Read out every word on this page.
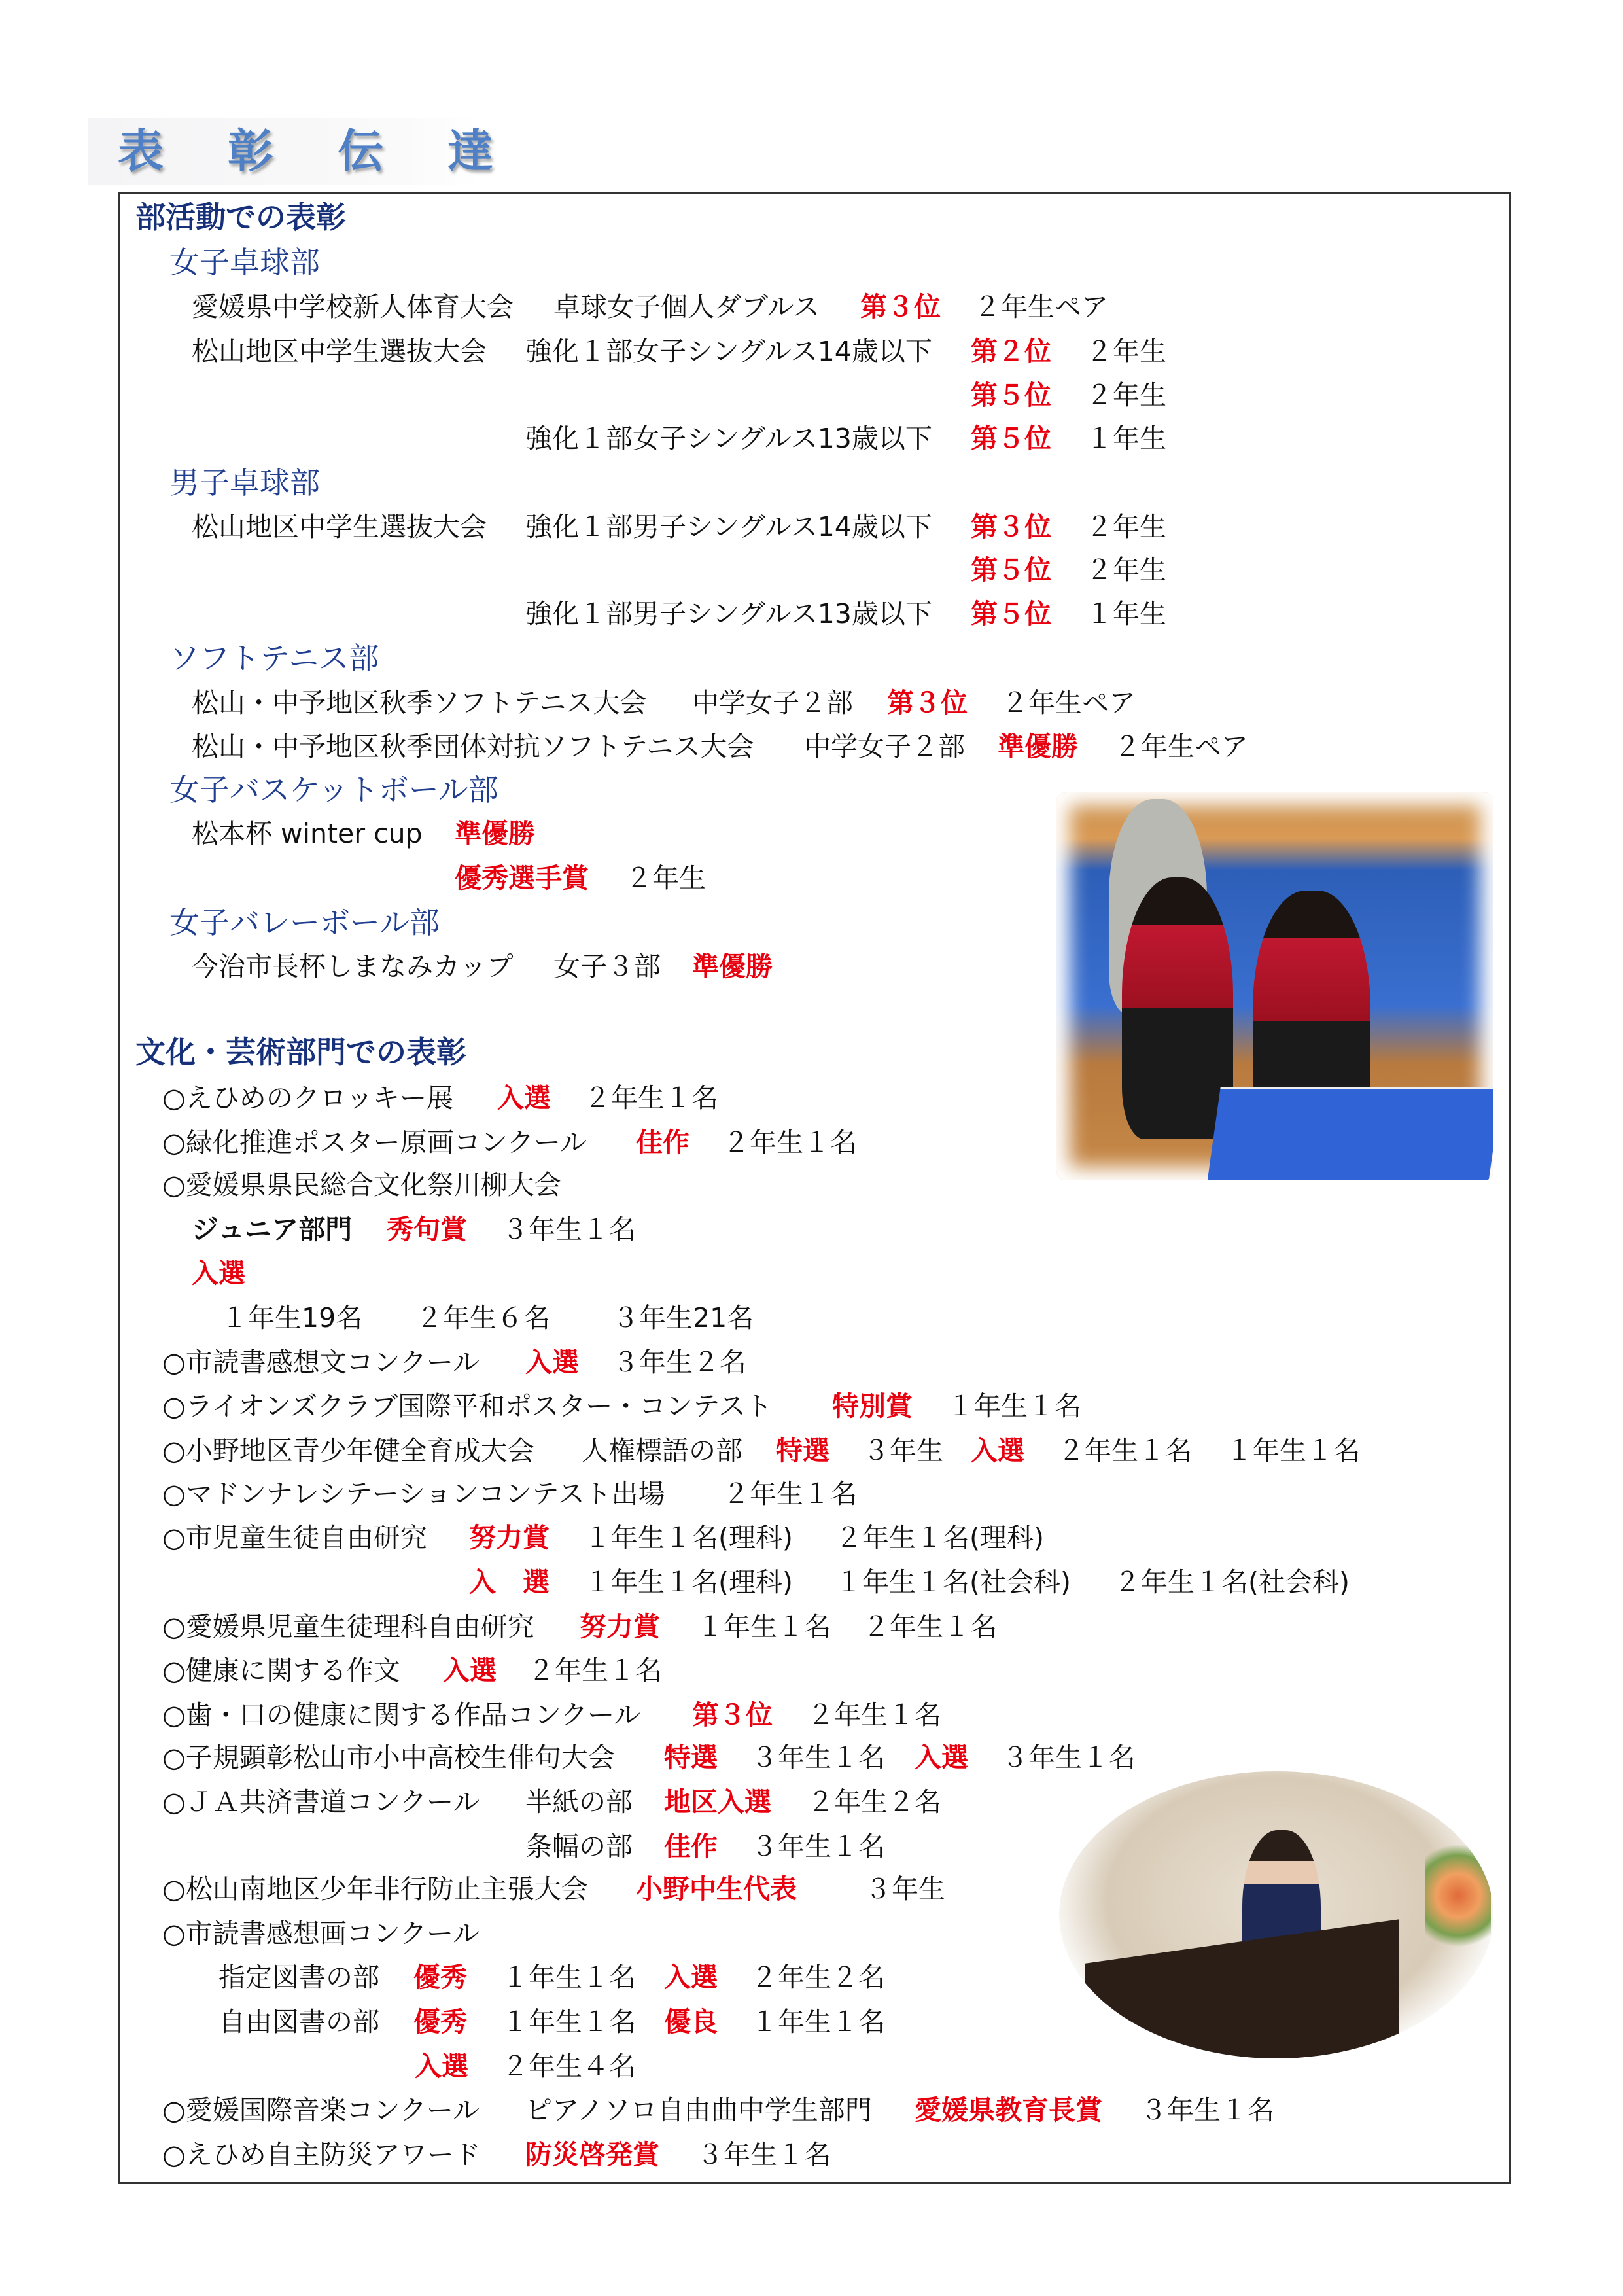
表彰伝達
部活動での表彰
女子卓球部
愛媛県中学校新人体育大会 卓球女子個人ダブルス 第３位 ２年生ペア
松山地区中学生選抜大会 強化１部女子シングルス14歳以下 第２位 ２年生
第５位 ２年生
強化１部女子シングルス13歳以下 第５位 １年生
男子卓球部
松山地区中学生選抜大会 強化１部男子シングルス14歳以下 第３位 ２年生
第５位 ２年生
強化１部男子シングルス13歳以下 第５位 １年生
ソフトテニス部
松山・中予地区秋季ソフトテニス大会 中学女子２部 第３位 ２年生ペア
松山・中予地区秋季団体対抗ソフトテニス大会 中学女子２部 準優勝 ２年生ペア
女子バスケットボール部
松本杯 winter cup 準優勝
優秀選手賞 ２年生
女子バレーボール部
今治市長杯しまなみカップ 女子３部 準優勝
文化・芸術部門での表彰
○えひめのクロッキー展 入選 ２年生１名
○緑化推進ポスター原画コンクール 佳作 ２年生１名
○愛媛県県民総合文化祭川柳大会
ジュニア部門 秀句賞 ３年生１名
入選
１年生19名 ２年生６名 ３年生21名
○市読書感想文コンクール 入選 ３年生２名
○ライオンズクラブ国際平和ポスター・コンテスト 特別賞 １年生１名
○小野地区青少年健全育成大会 人権標語の部 特選 ３年生 入選 ２年生１名 １年生１名
○マドンナレシテーションコンテスト出場 ２年生１名
○市児童生徒自由研究 努力賞 １年生１名(理科) ２年生１名(理科)
入　選 １年生１名(理科) １年生１名(社会科) ２年生１名(社会科)
○愛媛県児童生徒理科自由研究 努力賞 １年生１名 ２年生１名
○健康に関する作文 入選 ２年生１名
○歯・口の健康に関する作品コンクール 第３位 ２年生１名
○子規顕彰松山市小中高校生俳句大会 特選 ３年生１名 入選 ３年生１名
○ＪＡ共済書道コンクール 半紙の部 地区入選 ２年生２名
条幅の部 佳作 ３年生１名
○松山南地区少年非行防止主張大会 小野中生代表	３年生
○市読書感想画コンクール
指定図書の部 優秀 １年生１名 入選 ２年生２名
自由図書の部 優秀 １年生１名 優良 １年生１名
入選 ２年生４名
○愛媛国際音楽コンクール ピアノソロ自由曲中学生部門 愛媛県教育長賞 ３年生１名
○えひめ自主防災アワード 防災啓発賞 ３年生１名
